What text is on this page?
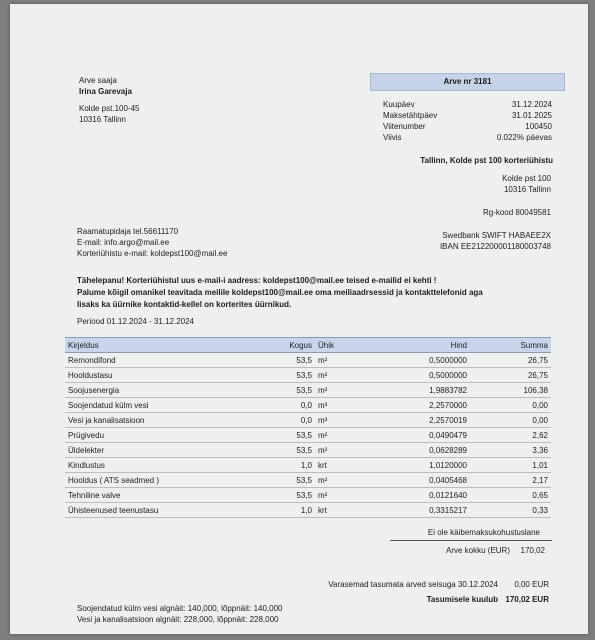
Arve saaja
Irina Garevaja
Kolde pst.100-45
10316 Tallinn
Arve nr 3181
Kuupäev	31.12.2024
Maksetähtpäev	31.01.2025
Viitenumber	100450
Viivis	0.022% päevas
Tallinn, Kolde pst 100 korteriühistu
Kolde pst 100
10316 Tallinn
Rg-kood 80049581
Swedbank SWIFT HABAEE2X
IBAN EE212200001180003748
Raamatupidaja tel.56611170
E-mail: info.argo@mail.ee
Korteriühistu e-mail: koldepst100@mail.ee
Tähelepanu! Korteriühistul uus e-mail-i aadress: koldepst100@mail.ee teised e-mailid ei kehti !
Palume kõigil omanikel teavitada meilile koldepst100@mail.ee oma meiliaadrsessid ja kontakttelefonid aga
lisaks ka üürnike kontaktid-kellel on korterites üürnikud.
Periood 01.12.2024 - 31.12.2024
Kirjeldus	Kogus	Ühik	Hind	Summa
Remondifond	53,5	m²	0,5000000	26,75
Hooldustasu	53,5	m²	0,5000000	26,75
Soojusenergia	53,5	m²	1,9883782	106,38
Soojendatud külm vesi	0,0	m³	2,2570000	0,00
Vesi ja kanalisatsioon	0,0	m³	2,2570019	0,00
Prügivedu	53,5	m²	0,0490479	2,62
Üldelekter	53,5	m²	0,0628289	3,36
Kindlustus	1,0	krt	1,0120000	1,01
Hooldus ( ATS seadmed )	53,5	m²	0,0405468	2,17
Tehniline valve	53,5	m²	0,0121640	0,65
Ühisteenused teenustasu	1,0	krt	0,3315217	0,33
Ei ole käibemaksukohustuslane
Arve kokku (EUR)	170,02
Varasemad tasumata arved seisuga 30.12.2024	0,00 EUR
Tasumisele kuulub 170,02 EUR
Soojendatud külm vesi algnäit: 140,000, lõppnäit: 140,000
Vesi ja kanalisatsioon algnäit: 228,000, lõppnäit: 228,000
